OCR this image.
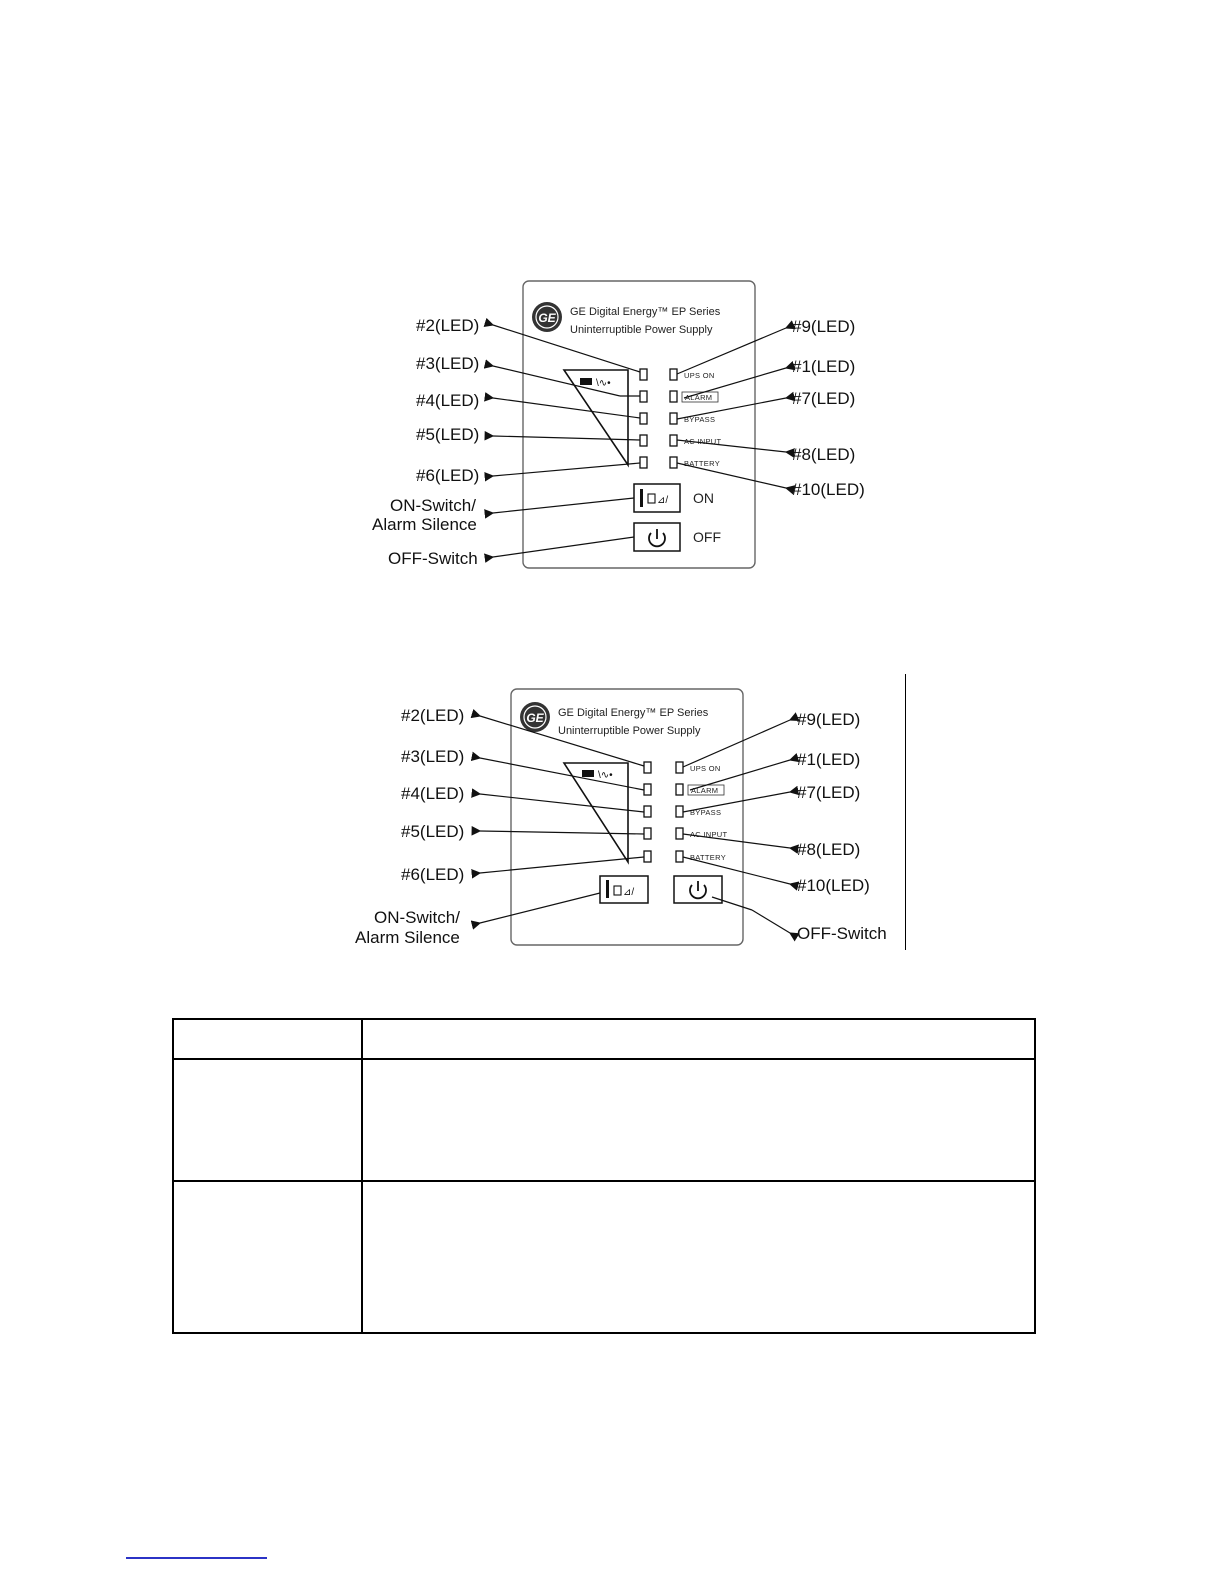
GE GE Digital Energy™ EP Series
Uninterruptible Power Supply
\∿•
UPS ON
ALARM
BYPASS
AC INPUT
BATTERY
⊿/ ON
OFF
#2(LED)
#3(LED)
#4(LED)
#5(LED)
#6(LED)
ON-Switch/
Alarm Silence
OFF-Switch
#9(LED)
#1(LED)
#7(LED)
#8(LED)
#10(LED)
GE GE Digital Energy™ EP Series
Uninterruptible Power Supply
\∿•
UPS ON
ALARM
BYPASS
AC INPUT
BATTERY
⊿/
#2(LED)
#3(LED)
#4(LED)
#5(LED)
#6(LED)
ON-Switch/
Alarm Silence
#9(LED)
#1(LED)
#7(LED)
#8(LED)
#10(LED)
OFF-Switch
